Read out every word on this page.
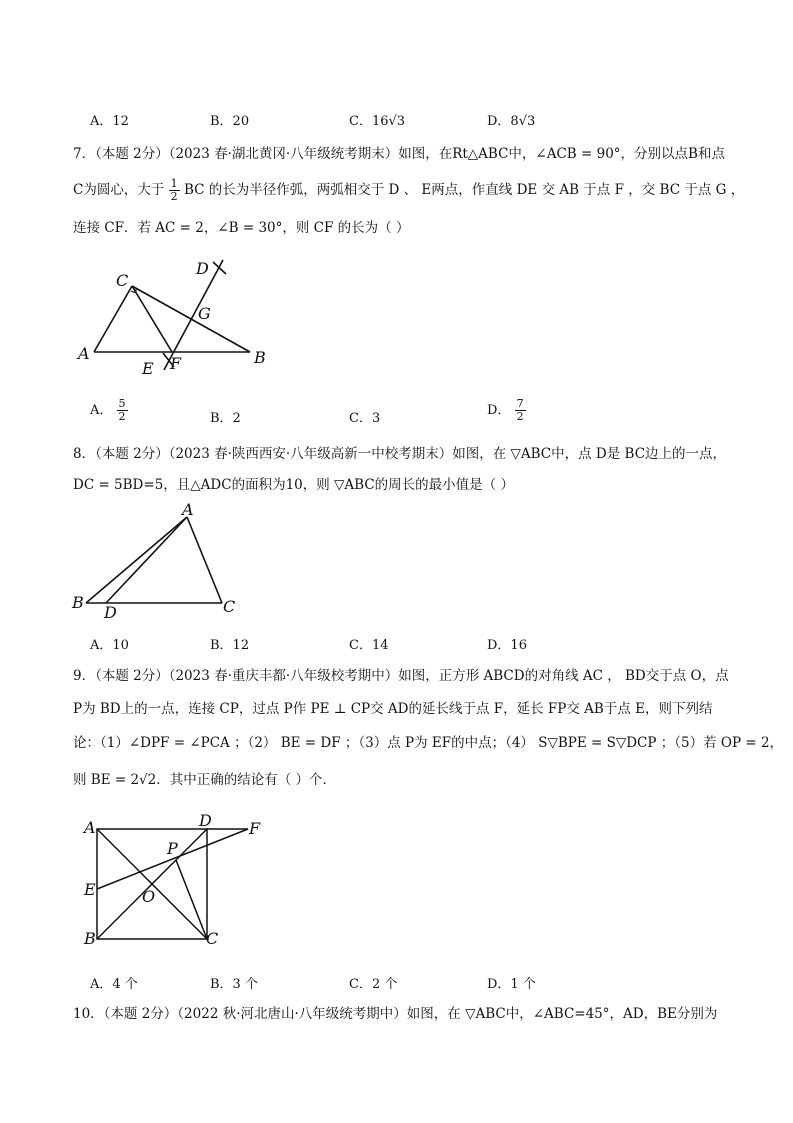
A．12	B．20	C．16√3	D．8√3
7．（本题 2分）（2023 春·湖北黄冈·八年级统考期末）如图，在Rt△ABC中，∠ACB = 90°，分别以点B和点
C为圆心，大于 $\frac{1}{2}$ BC 的长为半径作弧，两弧相交于 D 、 E两点，作直线 DE 交 AB 于点 F ，交 BC 于点 G ，
连接 CF．若 AC = 2，∠B = 30°，则 CF 的长为（ ）
C
D
G
A	B
E F
A． $\frac{5}{2}$	B．2	C．3
D． $\frac{7}{2}$
8．（本题 2分）（2023 春·陕西西安·八年级高新一中校考期末）如图，在 ▽ABC中，点 D是 BC边上的一点，
DC = 5BD=5，且△ADC的面积为10，则 ▽ABC的周长的最小值是（ ）
A
B
D	C
A．10	B．12	C．14	D．16
9．（本题 2分）（2023 春·重庆丰都·八年级校考期中）如图，正方形 ABCD的对角线 AC ， BD交于点 O，点
P为 BD上的一点，连接 CP，过点 P作 PE ⊥ CP交 AD的延长线于点 F，延长 FP交 AB于点 E，则下列结
论：（1）∠DPF = ∠PCA ；（2） BE = DF ；（3）点 P为 EF的中点；（4） S▽BPE = S▽DCP ；（5）若 OP = 2，
则 BE = 2√2．其中正确的结论有（ ）个．
A	D F
P
E	O
B	C
A．4 个	B．3 个	C．2 个	D．1 个
10．（本题 2分）（2022 秋·河北唐山·八年级统考期中）如图，在 ▽ABC中，∠ABC=45°，AD，BE分别为
